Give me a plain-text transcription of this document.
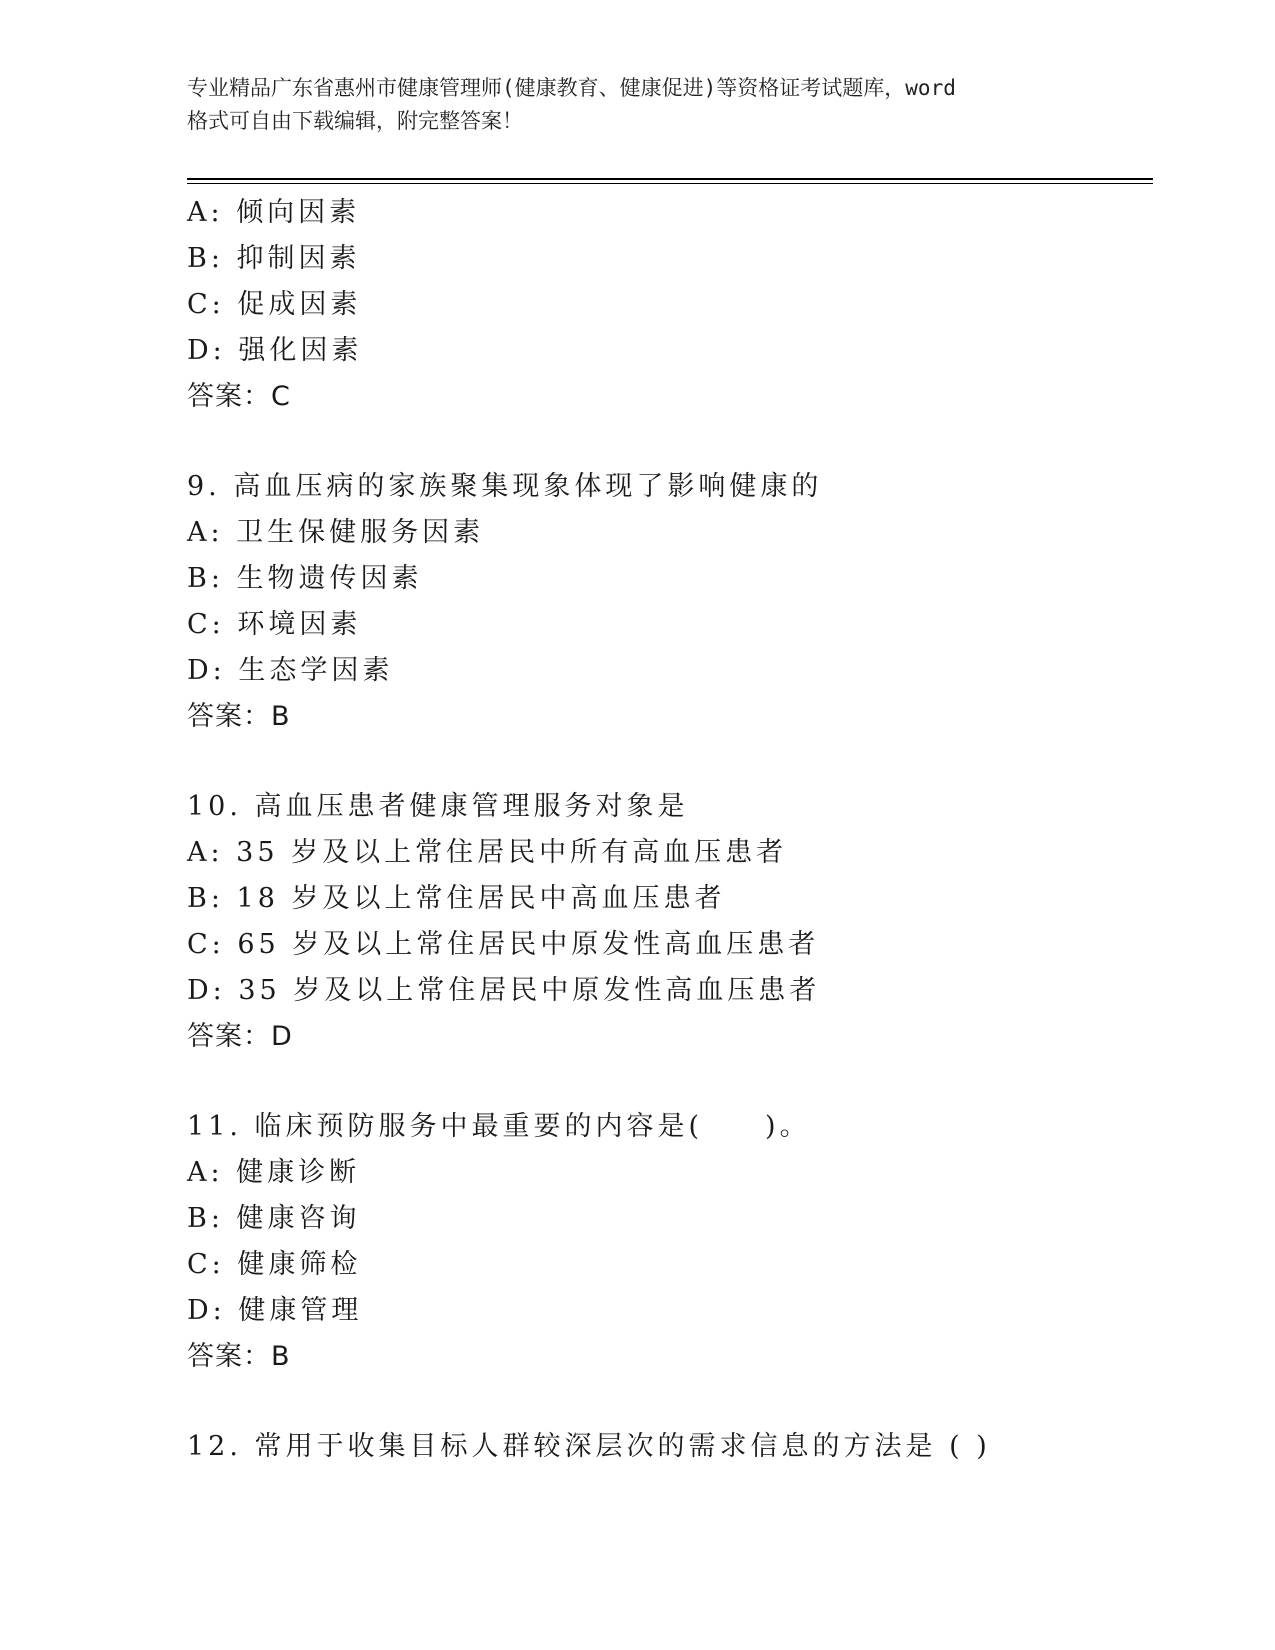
专业精品广东省惠州市健康管理师(健康教育、健康促进)等资格证考试题库，word
格式可自由下载编辑，附完整答案！
A: 倾向因素
B: 抑制因素
C: 促成因素
D: 强化因素
答案：C
9. 高血压病的家族聚集现象体现了影响健康的
A: 卫生保健服务因素
B: 生物遗传因素
C: 环境因素
D: 生态学因素
答案：B
10. 高血压患者健康管理服务对象是
A: 35 岁及以上常住居民中所有高血压患者
B: 18 岁及以上常住居民中高血压患者
C: 65 岁及以上常住居民中原发性高血压患者
D: 35 岁及以上常住居民中原发性高血压患者
答案：D
11. 临床预防服务中最重要的内容是(　　)。
A: 健康诊断
B: 健康咨询
C: 健康筛检
D: 健康管理
答案：B
12. 常用于收集目标人群较深层次的需求信息的方法是 ( )
